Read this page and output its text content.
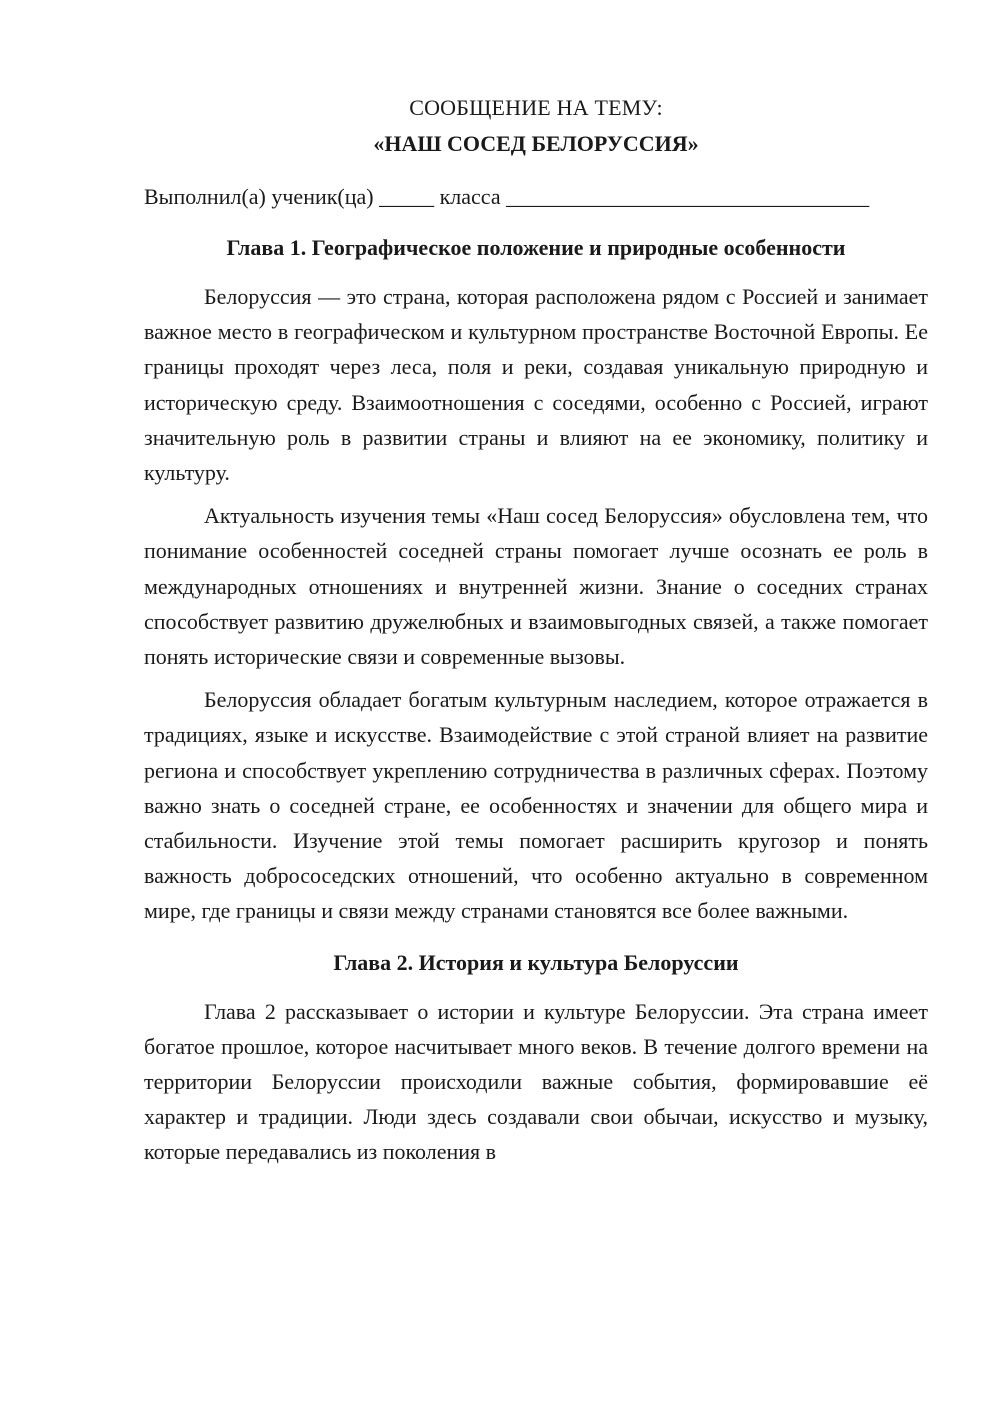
СООБЩЕНИЕ НА ТЕМУ:
«НАШ СОСЕД БЕЛОРУССИЯ»

Выполнил(а) ученик(ца) _____ класса _________________________________

Глава 1. Географическое положение и природные особенности

Белоруссия — это страна, которая расположена рядом с Россией и занимает важное место в географическом и культурном пространстве Восточной Европы. Ее границы проходят через леса, поля и реки, создавая уникальную природную и историческую среду. Взаимоотношения с соседями, особенно с Россией, играют значительную роль в развитии страны и влияют на ее экономику, политику и культуру.

Актуальность изучения темы «Наш сосед Белоруссия» обусловлена тем, что понимание особенностей соседней страны помогает лучше осознать ее роль в международных отношениях и внутренней жизни. Знание о соседних странах способствует развитию дружелюбных и взаимовыгодных связей, а также помогает понять исторические связи и современные вызовы.

Белоруссия обладает богатым культурным наследием, которое отражается в традициях, языке и искусстве. Взаимодействие с этой страной влияет на развитие региона и способствует укреплению сотрудничества в различных сферах. Поэтому важно знать о соседней стране, ее особенностях и значении для общего мира и стабильности. Изучение этой темы помогает расширить кругозор и понять важность добрососедских отношений, что особенно актуально в современном мире, где границы и связи между странами становятся все более важными.

Глава 2. История и культура Белоруссии

Глава 2 рассказывает о истории и культуре Белоруссии. Эта страна имеет богатое прошлое, которое насчитывает много веков. В течение долгого времени на территории Белоруссии происходили важные события, формировавшие её характер и традиции. Люди здесь создавали свои обычаи, искусство и музыку, которые передавались из поколения в
